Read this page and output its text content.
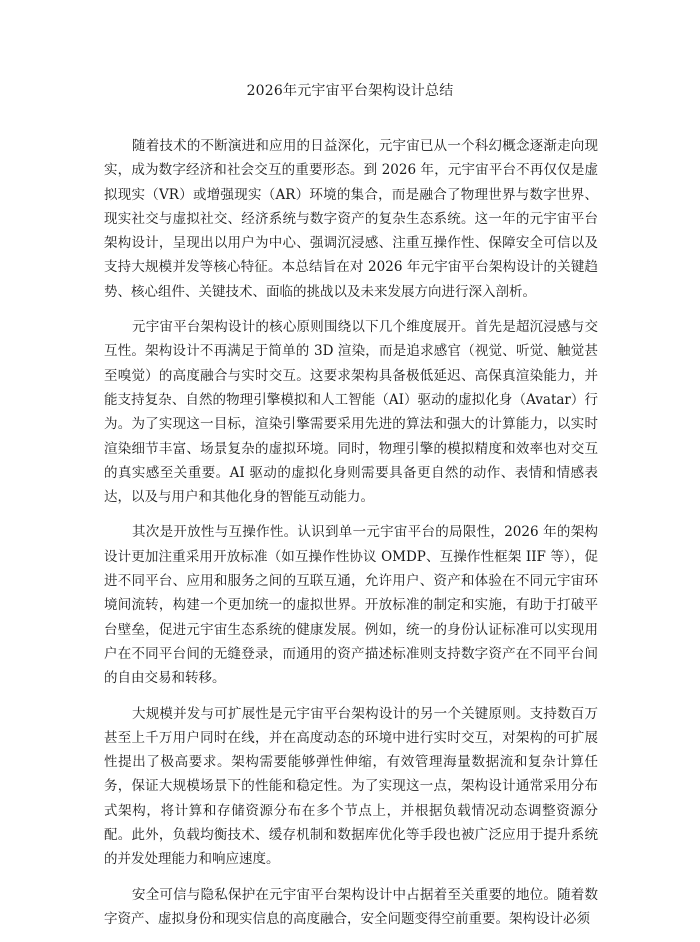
2026年元宇宙平台架构设计总结

随着技术的不断演进和应用的日益深化，元宇宙已从一个科幻概念逐渐走向现实，成为数字经济和社会交互的重要形态。到 2026 年，元宇宙平台不再仅仅是虚拟现实（VR）或增强现实（AR）环境的集合，而是融合了物理世界与数字世界、现实社交与虚拟社交、经济系统与数字资产的复杂生态系统。这一年的元宇宙平台架构设计，呈现出以用户为中心、强调沉浸感、注重互操作性、保障安全可信以及支持大规模并发等核心特征。本总结旨在对 2026 年元宇宙平台架构设计的关键趋势、核心组件、关键技术、面临的挑战以及未来发展方向进行深入剖析。

元宇宙平台架构设计的核心原则围绕以下几个维度展开。首先是超沉浸感与交互性。架构设计不再满足于简单的 3D 渲染，而是追求感官（视觉、听觉、触觉甚至嗅觉）的高度融合与实时交互。这要求架构具备极低延迟、高保真渲染能力，并能支持复杂、自然的物理引擎模拟和人工智能（AI）驱动的虚拟化身（Avatar）行为。为了实现这一目标，渲染引擎需要采用先进的算法和强大的计算能力，以实时渲染细节丰富、场景复杂的虚拟环境。同时，物理引擎的模拟精度和效率也对交互的真实感至关重要。AI 驱动的虚拟化身则需要具备更自然的动作、表情和情感表达，以及与用户和其他化身的智能互动能力。

其次是开放性与互操作性。认识到单一元宇宙平台的局限性，2026 年的架构设计更加注重采用开放标准（如互操作性协议 OMDP、互操作性框架 IIF 等），促进不同平台、应用和服务之间的互联互通，允许用户、资产和体验在不同元宇宙环境间流转，构建一个更加统一的虚拟世界。开放标准的制定和实施，有助于打破平台壁垒，促进元宇宙生态系统的健康发展。例如，统一的身份认证标准可以实现用户在不同平台间的无缝登录，而通用的资产描述标准则支持数字资产在不同平台间的自由交易和转移。

大规模并发与可扩展性是元宇宙平台架构设计的另一个关键原则。支持数百万甚至上千万用户同时在线，并在高度动态的环境中进行实时交互，对架构的可扩展性提出了极高要求。架构需要能够弹性伸缩，有效管理海量数据流和复杂计算任务，保证大规模场景下的性能和稳定性。为了实现这一点，架构设计通常采用分布式架构，将计算和存储资源分布在多个节点上，并根据负载情况动态调整资源分配。此外，负载均衡技术、缓存机制和数据库优化等手段也被广泛应用于提升系统的并发处理能力和响应速度。

安全可信与隐私保护在元宇宙平台架构设计中占据着至关重要的地位。随着数字资产、虚拟身份和现实信息的高度融合，安全问题变得空前重要。架构设计必须
